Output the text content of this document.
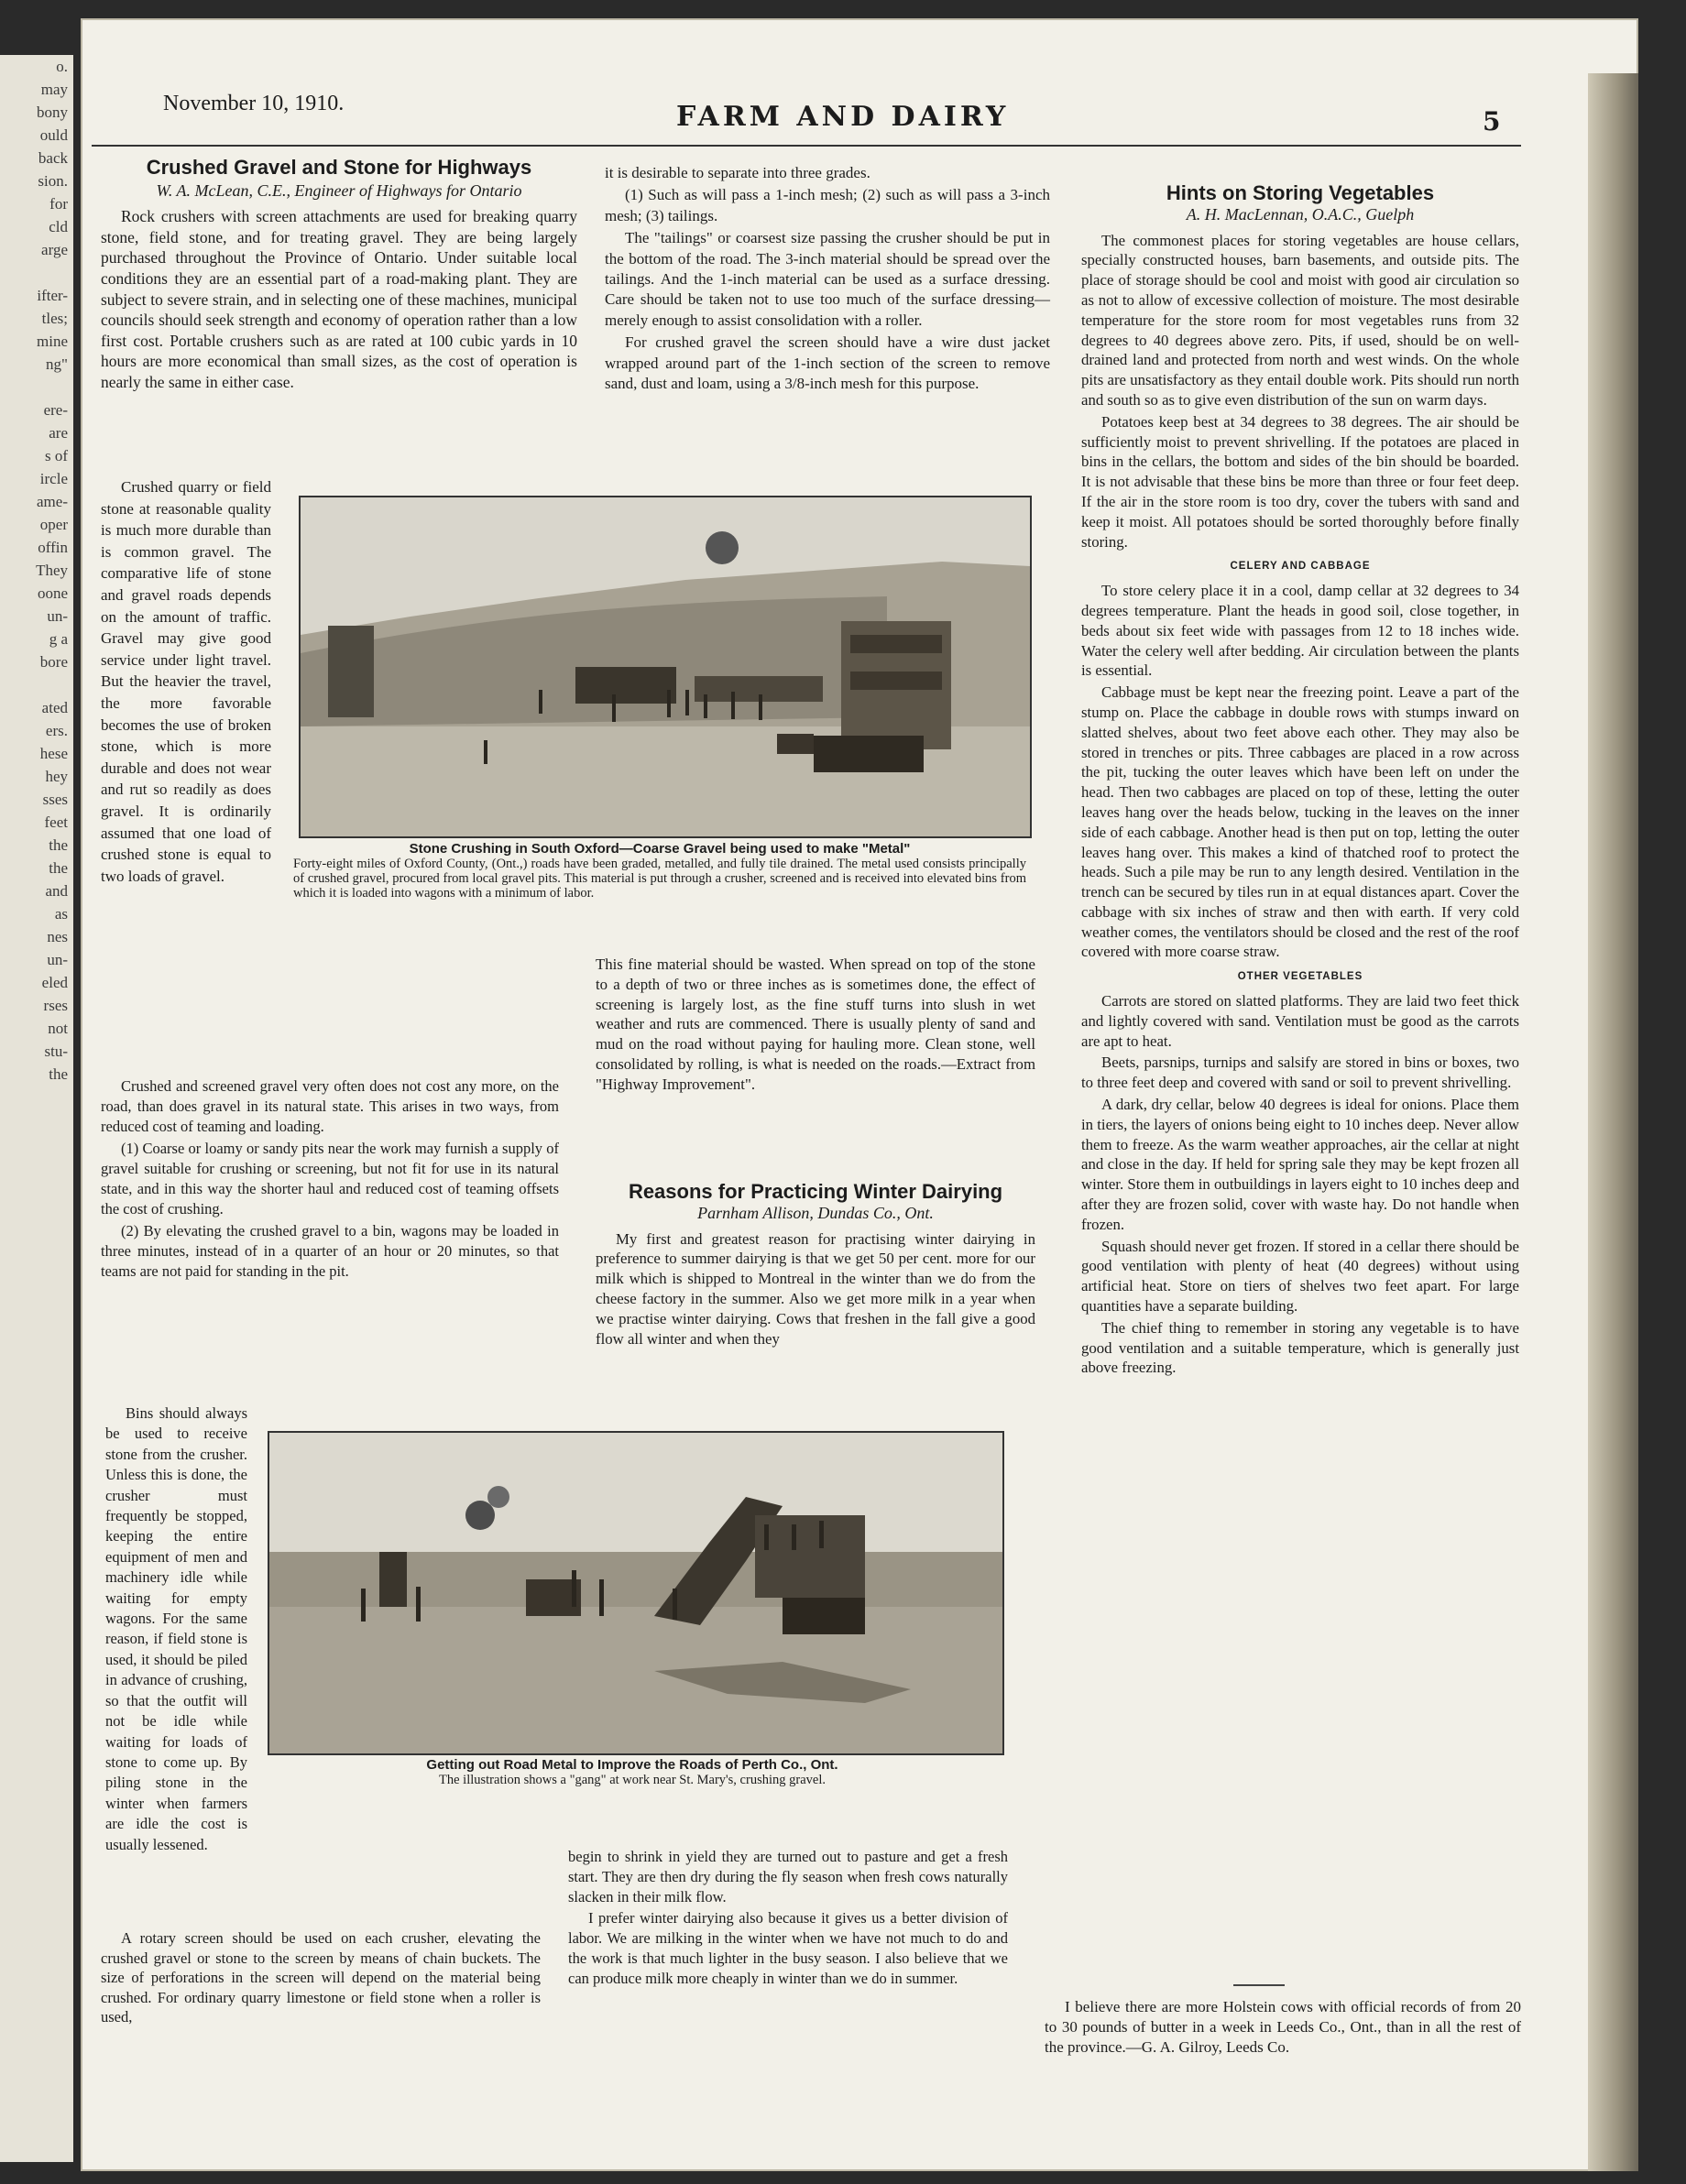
o.
may
bony
ould
back
sion.
for
cld
arge

ifter-
tles;
mine
ng"

ere-
are
s of
ircle
ame-
oper
offin
They
oone
un-
g a
bore

ated
ers.
hese
hey
sses
feet
the
the
and
as
nes
un-
eled
rses
not
stu-
the
November 10, 1910.	FARM AND DAIRY	5
Crushed Gravel and Stone for Highways
W. A. McLean, C.E., Engineer of Highways for Ontario

Rock crushers with screen attachments are used for breaking quarry stone, field stone, and for treating gravel. They are being largely purchased throughout the Province of Ontario. Under suitable local conditions they are an essential part of a road-making plant. They are subject to severe strain, and in selecting one of these machines, municipal councils should seek strength and economy of operation rather than a low first cost. Portable crushers such as are rated at 100 cubic yards in 10 hours are more economical than small sizes, as the cost of operation is nearly the same in either case.

Crushed quarry or field stone at reasonable quality is much more durable than is common gravel. The comparative life of stone and gravel roads depends on the amount of traffic. Gravel may give good service under light travel. But the heavier the travel, the more favorable becomes the use of broken stone, which is more durable and does not wear and rut so readily as does gravel. It is ordinarily assumed that one load of crushed stone is equal to two loads of gravel.

Crushed and screened gravel very often does not cost any more, on the road, than does gravel in its natural state. This arises in two ways, from reduced cost of teaming and loading.

(1) Coarse or loamy or sandy pits near the work may furnish a supply of gravel suitable for crushing or screening, but not fit for use in its natural state, and in this way the shorter haul and reduced cost of teaming offsets the cost of crushing.

(2) By elevating the crushed gravel to a bin, wagons may be loaded in three minutes, instead of in a quarter of an hour or 20 minutes, so that teams are not paid for standing in the pit.

Bins should always be used to receive stone from the crusher. Unless this is done, the crusher must frequently be stopped, keeping the entire equipment of men and machinery idle while waiting for empty wagons. For the same reason, if field stone is used, it should be piled in advance of crushing, so that the outfit will not be idle while waiting for loads of stone to come up. By piling stone in the winter when farmers are idle the cost is usually lessened.

A rotary screen should be used on each crusher, elevating the crushed gravel or stone to the screen by means of chain buckets. The size of perforations in the screen will depend on the material being crushed. For ordinary quarry limestone or field stone when a roller is used,

it is desirable to separate into three grades.

(1) Such as will pass a 1-inch mesh; (2) such as will pass a 3-inch mesh; (3) tailings.

The "tailings" or coarsest size passing the crusher should be put in the bottom of the road. The 3-inch material should be spread over the tailings. And the 1-inch material can be used as a surface dressing. Care should be taken not to use too much of the surface dressing—merely enough to assist consolidation with a roller.

For crushed gravel the screen should have a wire dust jacket wrapped around part of the 1-inch section of the screen to remove sand, dust and loam, using a 3/8-inch mesh for this purpose.

Stone Crushing in South Oxford—Coarse Gravel being used to make "Metal"
Forty-eight miles of Oxford County, (Ont.,) roads have been graded, metalled, and fully tile drained. The metal used consists principally of crushed gravel, procured from local gravel pits. This material is put through a crusher, screened and is received into elevated bins from which it is loaded into wagons with a minimum of labor.

This fine material should be wasted. When spread on top of the stone to a depth of two or three inches as is sometimes done, the effect of screening is largely lost, as the fine stuff turns into slush in wet weather and ruts are commenced. There is usually plenty of sand and mud on the road without paying for hauling more. Clean stone, well consolidated by rolling, is what is needed on the roads.—Extract from "Highway Improvement".

Reasons for Practicing Winter Dairying
Parnham Allison, Dundas Co., Ont.

My first and greatest reason for practising winter dairying in preference to summer dairying is that we get 50 per cent. more for our milk which is shipped to Montreal in the winter than we do from the cheese factory in the summer. Also we get more milk in a year when we practise winter dairying. Cows that freshen in the fall give a good flow all winter and when they

Getting out Road Metal to Improve the Roads of Perth Co., Ont.
The illustration shows a "gang" at work near St. Mary's, crushing gravel.

begin to shrink in yield they are turned out to pasture and get a fresh start. They are then dry during the fly season when fresh cows naturally slacken in their milk flow.

I prefer winter dairying also because it gives us a better division of labor. We are milking in the winter when we have not much to do and the work is that much lighter in the busy season. I also believe that we can produce milk more cheaply in winter than we do in summer.

Hints on Storing Vegetables
A. H. MacLennan, O.A.C., Guelph

The commonest places for storing vegetables are house cellars, specially constructed houses, barn basements, and outside pits. The place of storage should be cool and moist with good air circulation so as not to allow of excessive collection of moisture. The most desirable temperature for the store room for most vegetables runs from 32 degrees to 40 degrees above zero. Pits, if used, should be on well-drained land and protected from north and west winds. On the whole pits are unsatisfactory as they entail double work. Pits should run north and south so as to give even distribution of the sun on warm days.

Potatoes keep best at 34 degrees to 38 degrees. The air should be sufficiently moist to prevent shrivelling. If the potatoes are placed in bins in the cellars, the bottom and sides of the bin should be boarded. It is not advisable that these bins be more than three or four feet deep. If the air in the store room is too dry, cover the tubers with sand and keep it moist. All potatoes should be sorted thoroughly before finally storing.

CELERY AND CABBAGE

To store celery place it in a cool, damp cellar at 32 degrees to 34 degrees temperature. Plant the heads in good soil, close together, in beds about six feet wide with passages from 12 to 18 inches wide. Water the celery well after bedding. Air circulation between the plants is essential.

Cabbage must be kept near the freezing point. Leave a part of the stump on. Place the cabbage in double rows with stumps inward on slatted shelves, about two feet above each other. They may also be stored in trenches or pits. Three cabbages are placed in a row across the pit, tucking the outer leaves which have been left on under the head. Then two cabbages are placed on top of these, letting the outer leaves hang over the heads below, tucking in the leaves on the inner side of each cabbage. Another head is then put on top, letting the outer leaves hang over. This makes a kind of thatched roof to protect the heads. Such a pile may be run to any length desired. Ventilation in the trench can be secured by tiles run in at equal distances apart. Cover the cabbage with six inches of straw and then with earth. If very cold weather comes, the ventilators should be closed and the rest of the roof covered with more coarse straw.

OTHER VEGETABLES

Carrots are stored on slatted platforms. They are laid two feet thick and lightly covered with sand. Ventilation must be good as the carrots are apt to heat.

Beets, parsnips, turnips and salsify are stored in bins or boxes, two to three feet deep and covered with sand or soil to prevent shrivelling.

A dark, dry cellar, below 40 degrees is ideal for onions. Place them in tiers, the layers of onions being eight to 10 inches deep. Never allow them to freeze. As the warm weather approaches, air the cellar at night and close in the day. If held for spring sale they may be kept frozen all winter. Store them in outbuildings in layers eight to 10 inches deep and after they are frozen solid, cover with waste hay. Do not handle when frozen.

Squash should never get frozen. If stored in a cellar there should be good ventilation with plenty of heat (40 degrees) without using artificial heat. Store on tiers of shelves two feet apart. For large quantities have a separate building.

The chief thing to remember in storing any vegetable is to have good ventilation and a suitable temperature, which is generally just above freezing.

I believe there are more Holstein cows with official records of from 20 to 30 pounds of butter in a week in Leeds Co., Ont., than in all the rest of the province.—G. A. Gilroy, Leeds Co.
